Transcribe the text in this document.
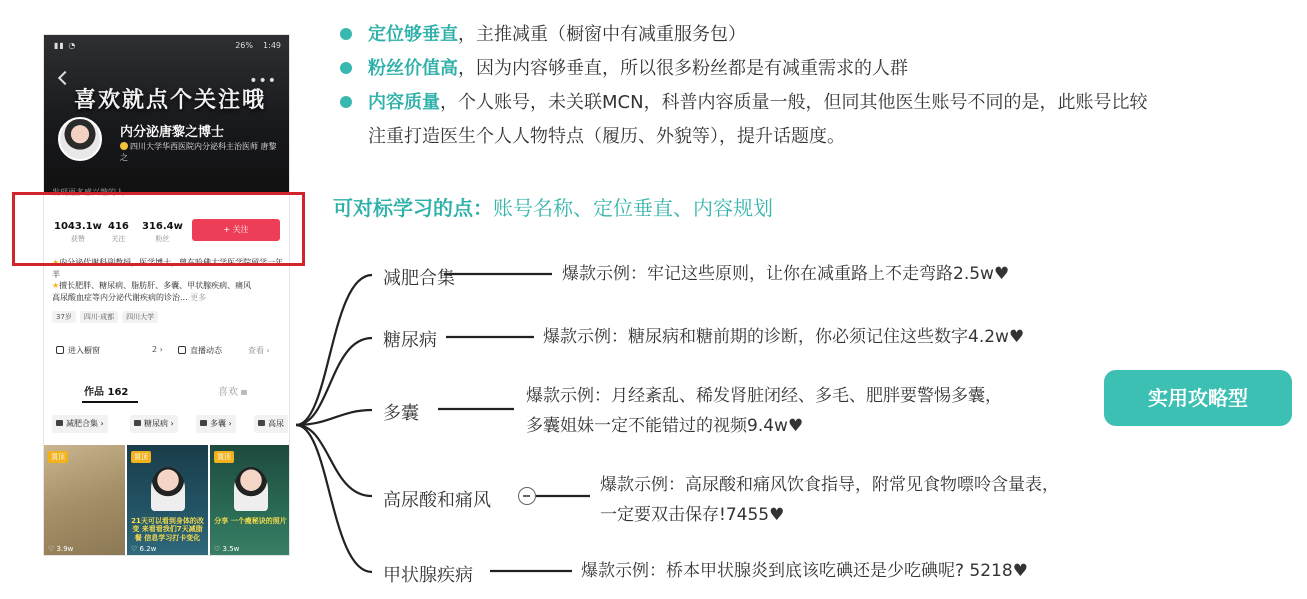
▮▮ ◔	26% 1:49
•••
喜欢就点个关注哦
内分泌唐黎之博士
四川大学华西医院内分泌科主治医师 唐黎之
发现更多感兴趣的人
1043.1w
获赞
416
关注
316.4w
粉丝
+ 关注
★内分泌代谢科副教授，医学博士，曾在哈佛大学医学院留学一年半
★擅长肥胖、糖尿病、脂肪肝、多囊、甲状腺疾病、痛风
高尿酸血症等内分泌代谢疾病的诊治... 更多
37岁 四川·成都 四川大学
进入橱窗	2 ›	直播动态	查看 ›
作品 162	喜欢
减肥合集 ›	糖尿病 ›	多囊 ›	高尿
置顶
♡ 3.9w
置顶
21天可以看到身体的改变 来看看我们7天减脂餐 信息学习打卡变化
♡ 6.2w
置顶
分享 一个瘦秘诀的照片
♡ 3.5w
定位够垂直，主推减重（橱窗中有减重服务包）
粉丝价值高，因为内容够垂直，所以很多粉丝都是有减重需求的人群
内容质量，个人账号，未关联MCN，科普内容质量一般，但同其他医生账号不同的是，此账号比较
注重打造医生个人人物特点（履历、外貌等），提升话题度。
可对标学习的点：账号名称、定位垂直、内容规划
减肥合集
糖尿病
多囊
高尿酸和痛风
甲状腺疾病
爆款示例：牢记这些原则，让你在减重路上不走弯路2.5w♥
爆款示例：糖尿病和糖前期的诊断，你必须记住这些数字4.2w♥
爆款示例：月经紊乱、稀发肾脏闭经、多毛、肥胖要警惕多囊，
多囊姐妹一定不能错过的视频9.4w♥
爆款示例：高尿酸和痛风饮食指导，附常见食物嘌呤含量表，
一定要双击保存!7455♥
爆款示例：桥本甲状腺炎到底该吃碘还是少吃碘呢? 5218♥
实用攻略型
